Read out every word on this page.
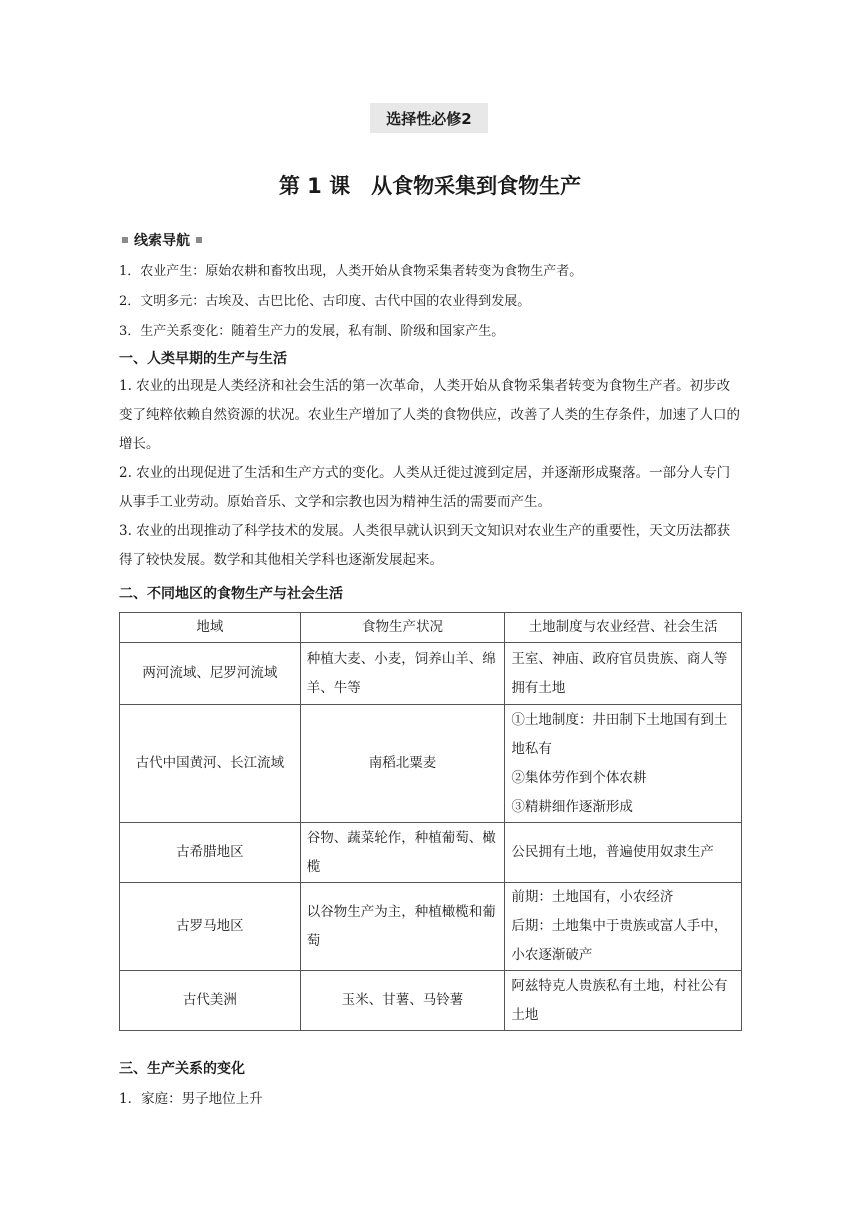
选择性必修2
第 1 课　从食物采集到食物生产
线索导航
1．农业产生：原始农耕和畜牧出现，人类开始从食物采集者转变为食物生产者。
2．文明多元：古埃及、古巴比伦、古印度、古代中国的农业得到发展。
3．生产关系变化：随着生产力的发展，私有制、阶级和国家产生。
一、人类早期的生产与生活
1. 农业的出现是人类经济和社会生活的第一次革命，人类开始从食物采集者转变为食物生产者。初步改变了纯粹依赖自然资源的状况。农业生产增加了人类的食物供应，改善了人类的生存条件，加速了人口的增长。
2. 农业的出现促进了生活和生产方式的变化。人类从迁徙过渡到定居，并逐渐形成聚落。一部分人专门从事手工业劳动。原始音乐、文学和宗教也因为精神生活的需要而产生。
3. 农业的出现推动了科学技术的发展。人类很早就认识到天文知识对农业生产的重要性，天文历法都获得了较快发展。数学和其他相关学科也逐渐发展起来。
二、不同地区的食物生产与社会生活
地域	食物生产状况	土地制度与农业经营、社会生活
两河流域、尼罗河流域	种植大麦、小麦，饲养山羊、绵羊、牛等	王室、神庙、政府官员贵族、商人等拥有土地
古代中国黄河、长江流域	南稻北粟麦	①土地制度：井田制下土地国有到土地私有
②集体劳作到个体农耕
③精耕细作逐渐形成

古希腊地区	谷物、蔬菜轮作，种植葡萄、橄榄	公民拥有土地，普遍使用奴隶生产
古罗马地区	以谷物生产为主，种植橄榄和葡萄	前期：土地国有，小农经济
后期：土地集中于贵族或富人手中，小农逐渐破产

古代美洲	玉米、甘薯、马铃薯	阿兹特克人贵族私有土地，村社公有土地
三、生产关系的变化
1．家庭：男子地位上升
